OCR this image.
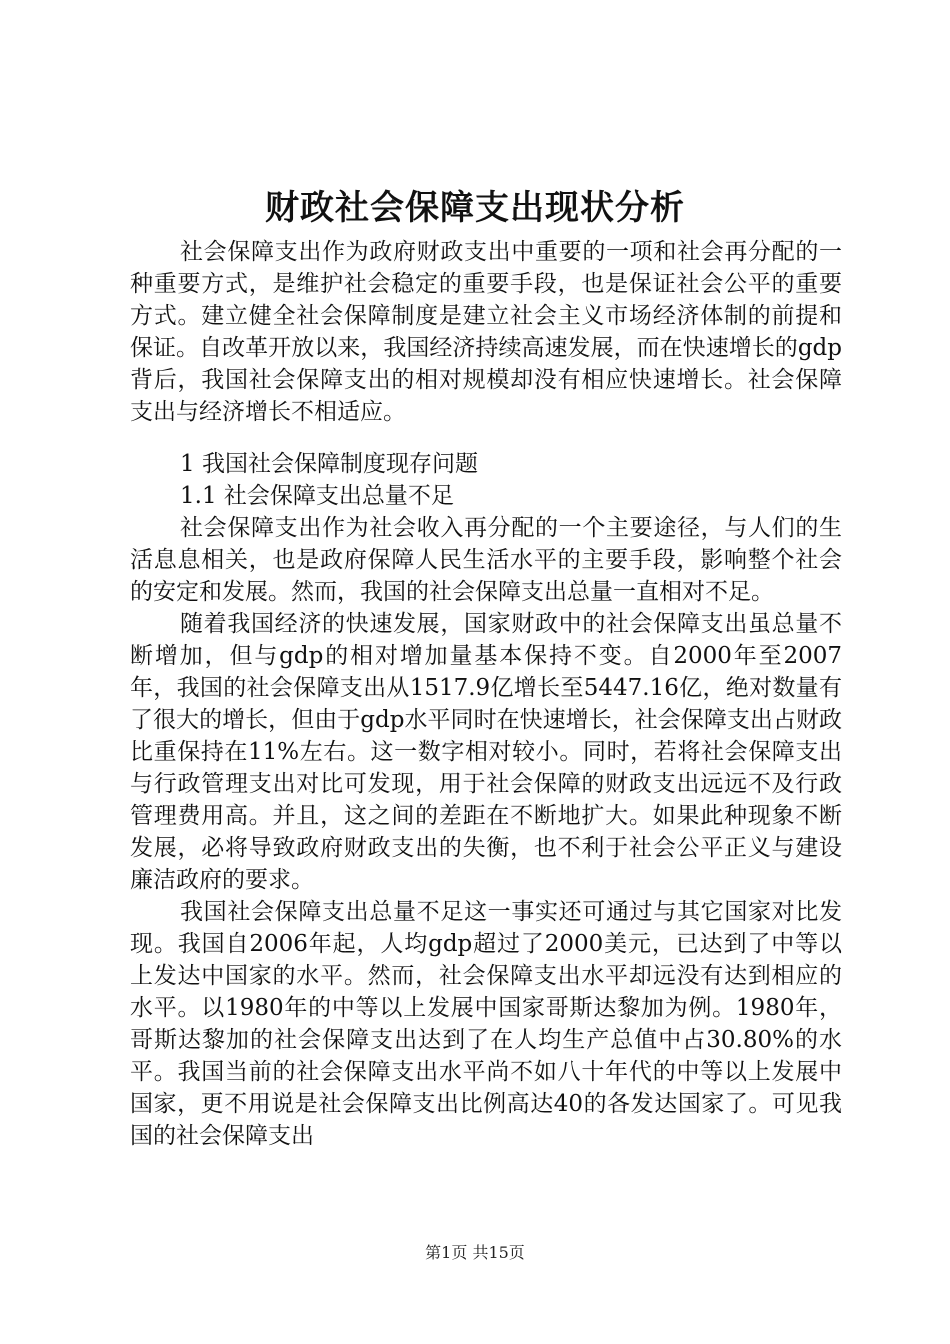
财政社会保障支出现状分析

社会保障支出作为政府财政支出中重要的一项和社会再分配的一种重要方式，是维护社会稳定的重要手段，也是保证社会公平的重要方式。建立健全社会保障制度是建立社会主义市场经济体制的前提和保证。自改革开放以来，我国经济持续高速发展，而在快速增长的gdp背后，我国社会保障支出的相对规模却没有相应快速增长。社会保障支出与经济增长不相适应。

1 我国社会保障制度现存问题

1.1 社会保障支出总量不足

社会保障支出作为社会收入再分配的一个主要途径，与人们的生活息息相关，也是政府保障人民生活水平的主要手段，影响整个社会的安定和发展。然而，我国的社会保障支出总量一直相对不足。

随着我国经济的快速发展，国家财政中的社会保障支出虽总量不断增加，但与gdp的相对增加量基本保持不变。自2000年至2007年，我国的社会保障支出从1517.9亿增长至5447.16亿，绝对数量有了很大的增长，但由于gdp水平同时在快速增长，社会保障支出占财政比重保持在11%左右。这一数字相对较小。同时，若将社会保障支出与行政管理支出对比可发现，用于社会保障的财政支出远远不及行政管理费用高。并且，这之间的差距在不断地扩大。如果此种现象不断发展，必将导致政府财政支出的失衡，也不利于社会公平正义与建设廉洁政府的要求。

我国社会保障支出总量不足这一事实还可通过与其它国家对比发现。我国自2006年起，人均gdp超过了2000美元，已达到了中等以上发达中国家的水平。然而，社会保障支出水平却远没有达到相应的水平。以1980年的中等以上发展中国家哥斯达黎加为例。1980年，哥斯达黎加的社会保障支出达到了在人均生产总值中占30.80%的水平。我国当前的社会保障支出水平尚不如八十年代的中等以上发展中国家，更不用说是社会保障支出比例高达40的各发达国家了。可见我国的社会保障支出

第1页 共15页
